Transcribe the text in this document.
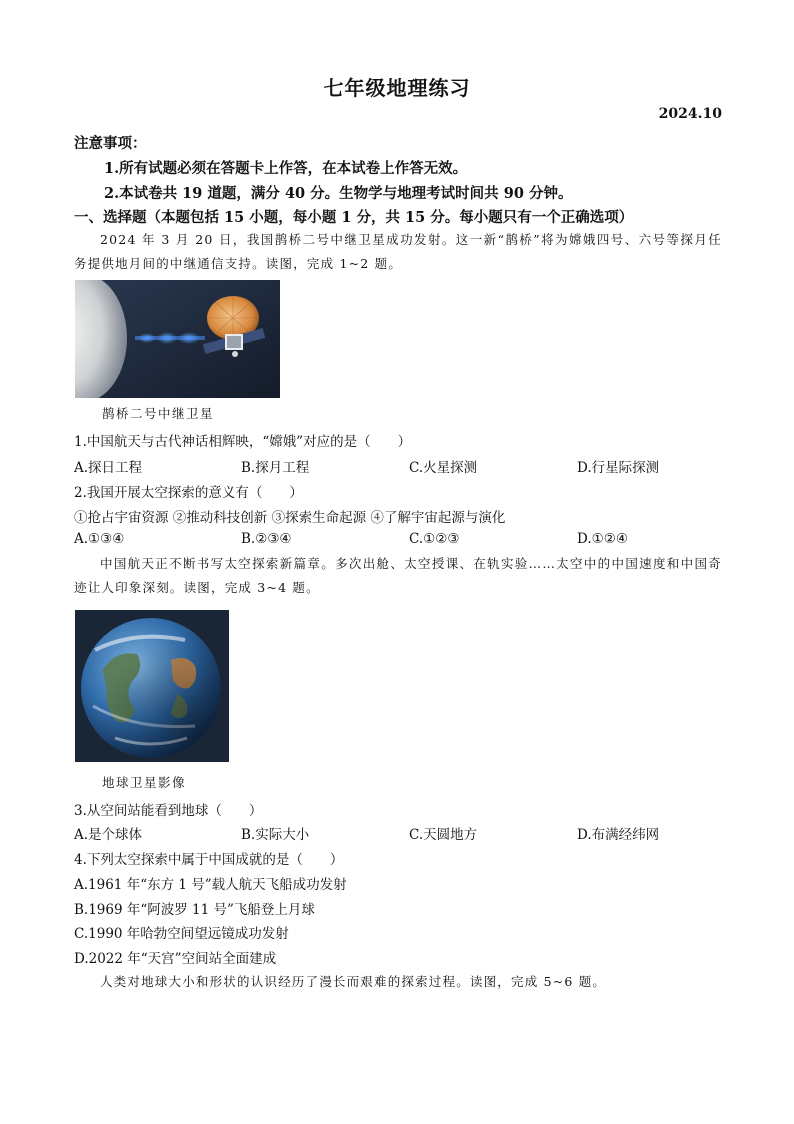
七年级地理练习
2024.10
注意事项：
1.所有试题必须在答题卡上作答，在本试卷上作答无效。
2.本试卷共 19 道题，满分 40 分。生物学与地理考试时间共 90 分钟。
一、选择题（本题包括 15 小题，每小题 1 分，共 15 分。每小题只有一个正确选项）
2024 年 3 月 20 日，我国鹊桥二号中继卫星成功发射。这一新“鹊桥”将为嫦娥四号、六号等探月任务提供地月间的中继通信支持。读图，完成 1~2 题。
鹊桥二号中继卫星
1.中国航天与古代神话相辉映，“嫦娥”对应的是（　　）
A.探日工程	B.探月工程	C.火星探测	D.行星际探测
2.我国开展太空探索的意义有（　　）
①抢占宇宙资源 ②推动科技创新 ③探索生命起源 ④了解宇宙起源与演化
A.①③④	B.②③④	C.①②③	D.①②④
中国航天正不断书写太空探索新篇章。多次出舱、太空授课、在轨实验……太空中的中国速度和中国奇迹让人印象深刻。读图，完成 3~4 题。
地球卫星影像
3.从空间站能看到地球（　　）
A.是个球体	B.实际大小	C.天圆地方	D.布满经纬网
4.下列太空探索中属于中国成就的是（　　）
A.1961 年“东方 1 号”载人航天飞船成功发射
B.1969 年“阿波罗 11 号”飞船登上月球
C.1990 年哈勃空间望远镜成功发射
D.2022 年“天宫”空间站全面建成
人类对地球大小和形状的认识经历了漫长而艰难的探索过程。读图，完成 5~6 题。
